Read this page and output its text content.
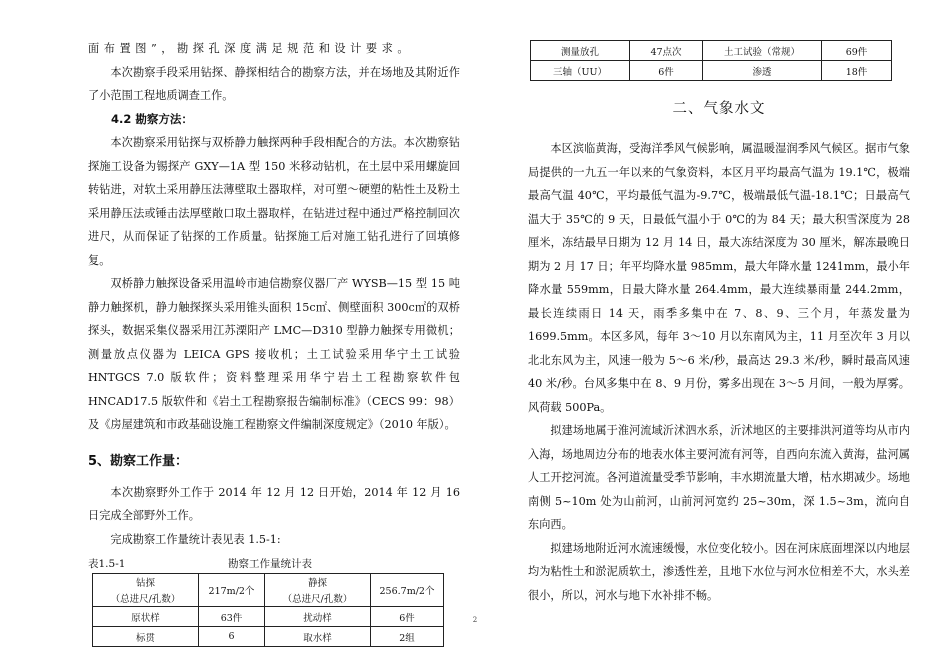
面 布 置 图 ” ， 勘 探 孔 深 度 满 足 规 范 和 设 计 要 求 。

本次勘察手段采用钻探、静探相结合的勘察方法，并在场地及其附近作了小范围工程地质调查工作。

4.2 勘察方法：

本次勘察采用钻探与双桥静力触探两种手段相配合的方法。本次勘察钻探施工设备为锡探产 GXY—1A 型 150 米移动钻机，在土层中采用螺旋回转钻进，对软土采用静压法薄壁取土器取样，对可塑～硬塑的粘性土及粉土采用静压法或锤击法厚壁敞口取土器取样，在钻进过程中通过严格控制回次进尺，从而保证了钻探的工作质量。钻探施工后对施工钻孔进行了回填修复。

双桥静力触探设备采用温岭市迪信勘察仪器厂产 WYSB—15 型 15 吨静力触探机，静力触探探头采用锥头面积 15c㎡、侧壁面积 300c㎡的双桥探头，数据采集仪器采用江苏溧阳产 LMC—D310 型静力触探专用微机；测量放点仪器为 LEICA GPS 接收机；土工试验采用华宁土工试验 HNTGCS 7.0 版软件；资料整理采用华宁岩土工程勘察软件包 HNCAD17.5 版软件和《岩土工程勘察报告编制标准》（CECS 99：98）及《房屋建筑和市政基础设施工程勘察文件编制深度规定》（2010 年版）。

5、勘察工作量：

本次勘察野外工作于 2014 年 12 月 12 日开始，2014 年 12 月 16 日完成全部野外工作。

完成勘察工作量统计表见表 1.5-1:

表1.5-1	勘察工作量统计表
钻探	217m/2个	静探	256.7m/2个
（总进尺/孔数）		（总进尺/孔数）	
原状样	63件	扰动样	6件
标贯	6	取水样	2组
测量放孔	47点次	土工试验（常规）	69件
三轴（UU）	6件	渗透	18件
二、气象水文

本区滨临黄海，受海洋季风气候影响，属温暖湿润季风气候区。据市气象局提供的一九五一年以来的气象资料，本区月平均最高气温为 19.1℃，极端最高气温 40℃，平均最低气温为-9.7℃，极端最低气温-18.1℃；日最高气温大于 35℃的 9 天，日最低气温小于 0℃的为 84 天；最大积雪深度为 28 厘米，冻结最早日期为 12 月 14 日，最大冻结深度为 30 厘米，解冻最晚日期为 2 月 17 日；年平均降水量 985mm，最大年降水量 1241mm，最小年降水量 559mm，日最大降水量 264.4mm，最大连续暴雨量 244.2mm，最长连续雨日 14 天，雨季多集中在 7、8、9、三个月，年蒸发量为 1699.5mm。本区多风，每年 3～10 月以东南风为主，11 月至次年 3 月以北北东风为主，风速一般为 5～6 米/秒，最高达 29.3 米/秒，瞬时最高风速 40 米/秒。台风多集中在 8、9 月份，雾多出现在 3～5 月间，一般为厚雾。风荷载 500Pa。

拟建场地属于淮河流域沂沭泗水系，沂沭地区的主要排洪河道等均从市内入海，场地周边分布的地表水体主要河流有河等，自西向东流入黄海，盐河属人工开挖河流。各河道流量受季节影响，丰水期流量大增，枯水期减少。场地南侧 5~10m 处为山前河，山前河河宽约 25~30m，深 1.5~3m，流向自东向西。

拟建场地附近河水流速缓慢，水位变化较小。因在河床底面埋深以内地层均为粘性土和淤泥质软土，渗透性差，且地下水位与河水位相差不大，水头差很小，所以，河水与地下水补排不畅。

2
